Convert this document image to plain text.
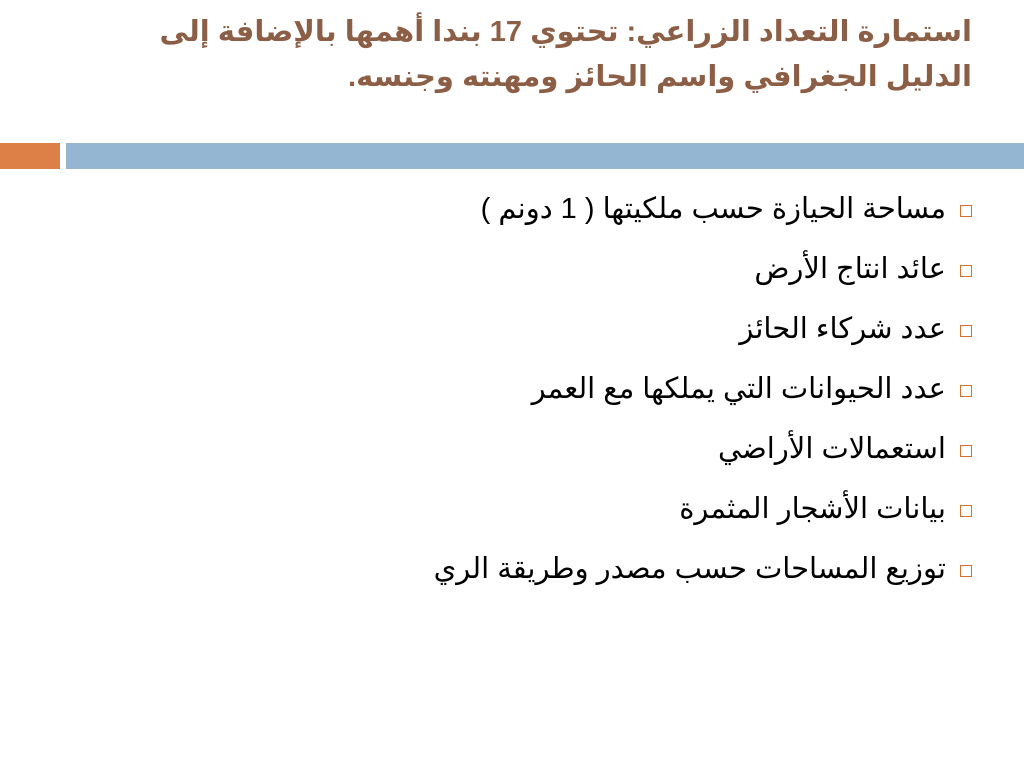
استمارة التعداد الزراعي: تحتوي 17 بندا أهمها بالإضافة إلى الدليل الجغرافي واسم الحائز ومهنته وجنسه.
مساحة الحيازة حسب ملكيتها ( 1 دونم )
عائد انتاج الأرض
عدد شركاء الحائز
عدد الحيوانات التي يملكها مع العمر
استعمالات الأراضي
بيانات الأشجار المثمرة
توزيع المساحات حسب مصدر وطريقة الري
